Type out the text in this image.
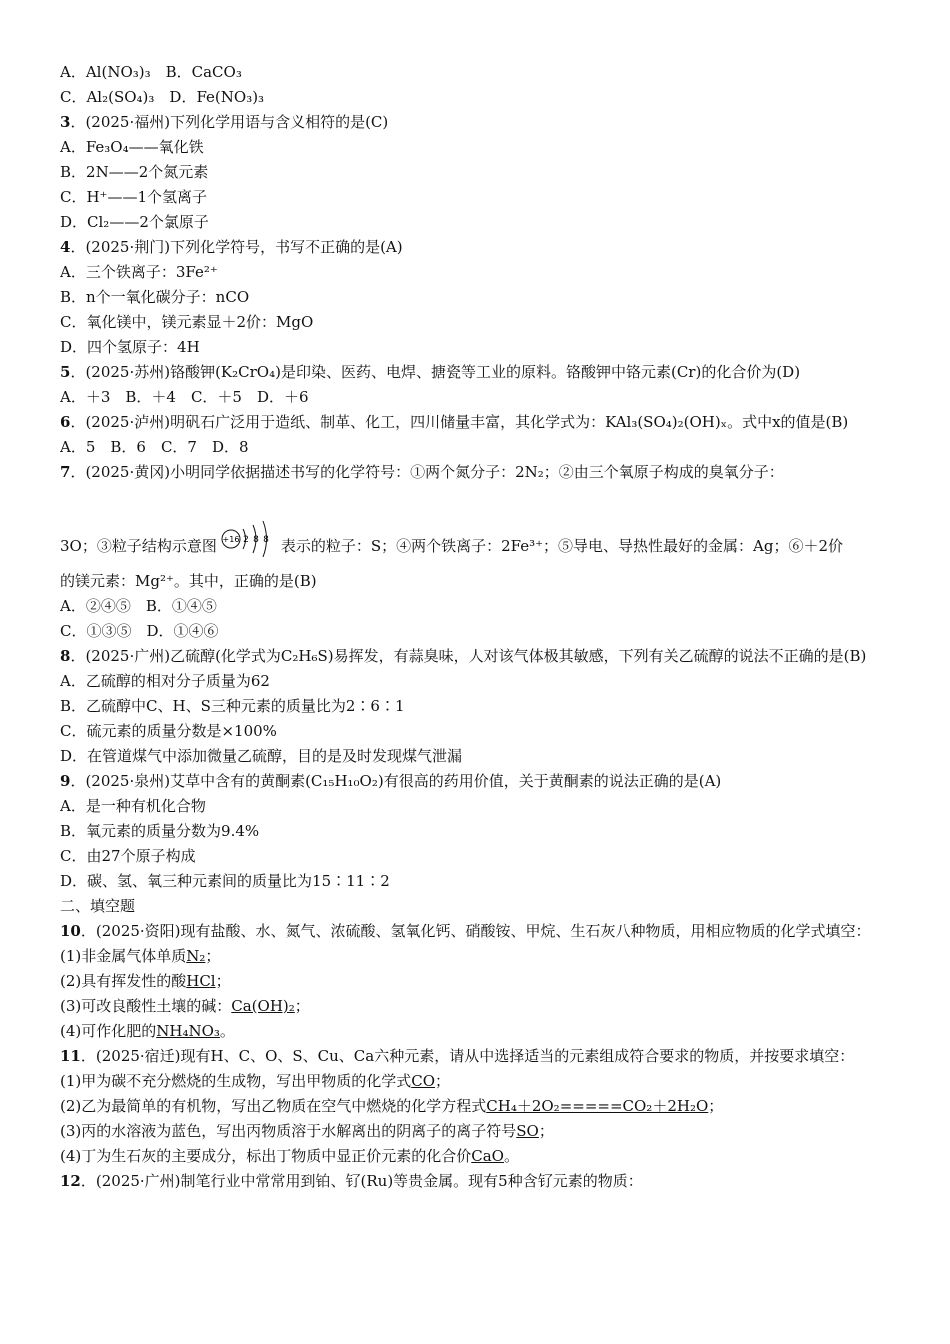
A．Al(NO₃)₃　B．CaCO₃
C．Al₂(SO₄)₃　D．Fe(NO₃)₃
3．(2025·福州)下列化学用语与含义相符的是(C)
A．Fe₃O₄——氧化铁
B．2N——2个氮元素
C．H⁺——1个氢离子
D．Cl₂——2个氯原子
4．(2025·荆门)下列化学符号，书写不正确的是(A)
A．三个铁离子：3Fe²⁺
B．n个一氧化碳分子：nCO
C．氧化镁中，镁元素显＋2价：MgO
D．四个氢原子：4H
5．(2025·苏州)铬酸钾(K₂CrO₄)是印染、医药、电焊、搪瓷等工业的原料。铬酸钾中铬元素(Cr)的化合价为(D)
A．＋3　B．＋4　C．＋5　D．＋6
6．(2025·泸州)明矾石广泛用于造纸、制革、化工，四川储量丰富，其化学式为：KAl₃(SO₄)₂(OH)ₓ。式中x的值是(B)
A．5　B．6　C．7　D．8
7．(2025·黄冈)小明同学依据描述书写的化学符号：①两个氮分子：2N₂；②由三个氧原子构成的臭氧分子：
3O；③粒子结构示意图 +16 2 8 8 表示的粒子：S；④两个铁离子：2Fe³⁺；⑤导电、导热性最好的金属：Ag；⑥＋2价
的镁元素：Mg²⁺。其中，正确的是(B)
A．②④⑤　B．①④⑤
C．①③⑤　D．①④⑥
8．(2025·广州)乙硫醇(化学式为C₂H₆S)易挥发，有蒜臭味，人对该气体极其敏感，下列有关乙硫醇的说法不正确的是(B)
A．乙硫醇的相对分子质量为62
B．乙硫醇中C、H、S三种元素的质量比为2∶6∶1
C．硫元素的质量分数是×100%
D．在管道煤气中添加微量乙硫醇，目的是及时发现煤气泄漏
9．(2025·泉州)艾草中含有的黄酮素(C₁₅H₁₀O₂)有很高的药用价值，关于黄酮素的说法正确的是(A)
A．是一种有机化合物
B．氧元素的质量分数为9.4%
C．由27个原子构成
D．碳、氢、氧三种元素间的质量比为15∶11∶2
二、填空题
10．(2025·资阳)现有盐酸、水、氮气、浓硫酸、氢氧化钙、硝酸铵、甲烷、生石灰八种物质，用相应物质的化学式填空：
(1)非金属气体单质N₂；
(2)具有挥发性的酸HCl；
(3)可改良酸性土壤的碱：Ca(OH)₂；
(4)可作化肥的NH₄NO₃。
11．(2025·宿迁)现有H、C、O、S、Cu、Ca六种元素，请从中选择适当的元素组成符合要求的物质，并按要求填空：
(1)甲为碳不充分燃烧的生成物，写出甲物质的化学式CO；
(2)乙为最简单的有机物，写出乙物质在空气中燃烧的化学方程式CH₄＋2O₂=====CO₂＋2H₂O；
(3)丙的水溶液为蓝色，写出丙物质溶于水解离出的阴离子的离子符号SO；
(4)丁为生石灰的主要成分，标出丁物质中显正价元素的化合价CaO。
12．(2025·广州)制笔行业中常常用到铂、钌(Ru)等贵金属。现有5种含钌元素的物质：
